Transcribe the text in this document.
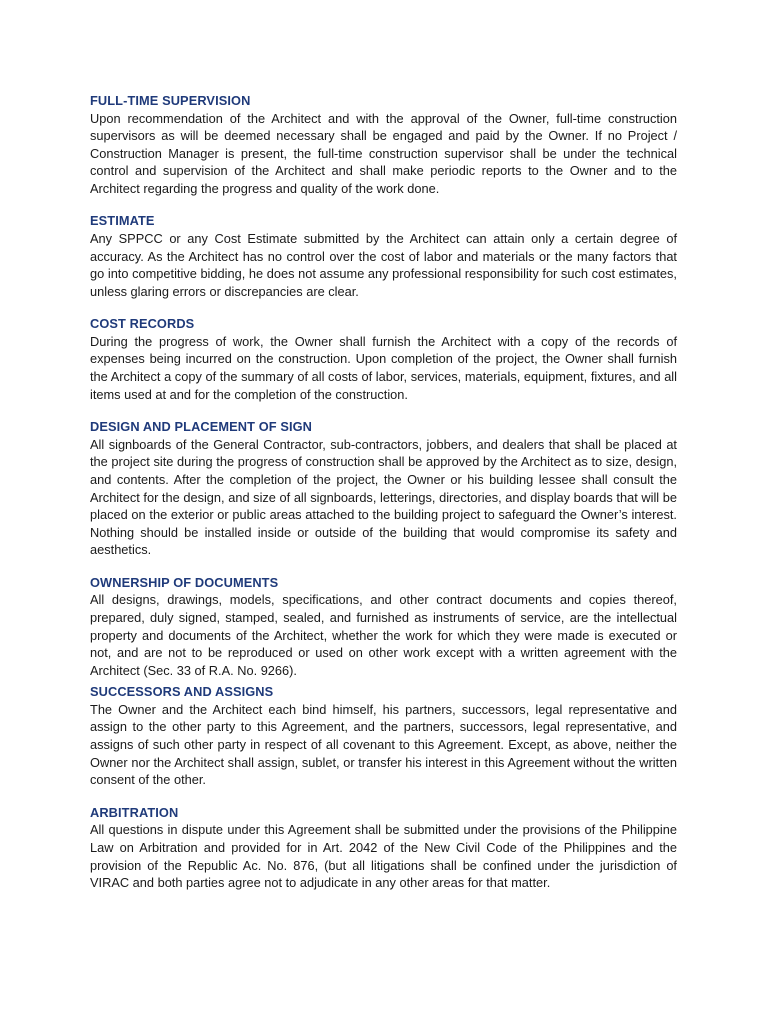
FULL-TIME SUPERVISION

Upon recommendation of the Architect and with the approval of the Owner, full-time construction supervisors as will be deemed necessary shall be engaged and paid by the Owner. If no Project / Construction Manager is present, the full-time construction supervisor shall be under the technical control and supervision of the Architect and shall make periodic reports to the Owner and to the Architect regarding the progress and quality of the work done.

ESTIMATE

Any SPPCC or any Cost Estimate submitted by the Architect can attain only a certain degree of accuracy. As the Architect has no control over the cost of labor and materials or the many factors that go into competitive bidding, he does not assume any professional responsibility for such cost estimates, unless glaring errors or discrepancies are clear.

COST RECORDS

During the progress of work, the Owner shall furnish the Architect with a copy of the records of expenses being incurred on the construction. Upon completion of the project, the Owner shall furnish the Architect a copy of the summary of all costs of labor, services, materials, equipment, fixtures, and all items used at and for the completion of the construction.

DESIGN AND PLACEMENT OF SIGN

All signboards of the General Contractor, sub-contractors, jobbers, and dealers that shall be placed at the project site during the progress of construction shall be approved by the Architect as to size, design, and contents. After the completion of the project, the Owner or his building lessee shall consult the Architect for the design, and size of all signboards, letterings, directories, and display boards that will be placed on the exterior or public areas attached to the building project to safeguard the Owner’s interest. Nothing should be installed inside or outside of the building that would compromise its safety and aesthetics.

OWNERSHIP OF DOCUMENTS

All designs, drawings, models, specifications, and other contract documents and copies thereof, prepared, duly signed, stamped, sealed, and furnished as instruments of service, are the intellectual property and documents of the Architect, whether the work for which they were made is executed or not, and are not to be reproduced or used on other work except with a written agreement with the Architect (Sec. 33 of R.A. No. 9266).

SUCCESSORS AND ASSIGNS

The Owner and the Architect each bind himself, his partners, successors, legal representative and assign to the other party to this Agreement, and the partners, successors, legal representative, and assigns of such other party in respect of all covenant to this Agreement. Except, as above, neither the Owner nor the Architect shall assign, sublet, or transfer his interest in this Agreement without the written consent of the other.

ARBITRATION

All questions in dispute under this Agreement shall be submitted under the provisions of the Philippine Law on Arbitration and provided for in Art. 2042 of the New Civil Code of the Philippines and the provision of the Republic Ac. No. 876, (but all litigations shall be confined under the jurisdiction of VIRAC and both parties agree not to adjudicate in any other areas for that matter.
